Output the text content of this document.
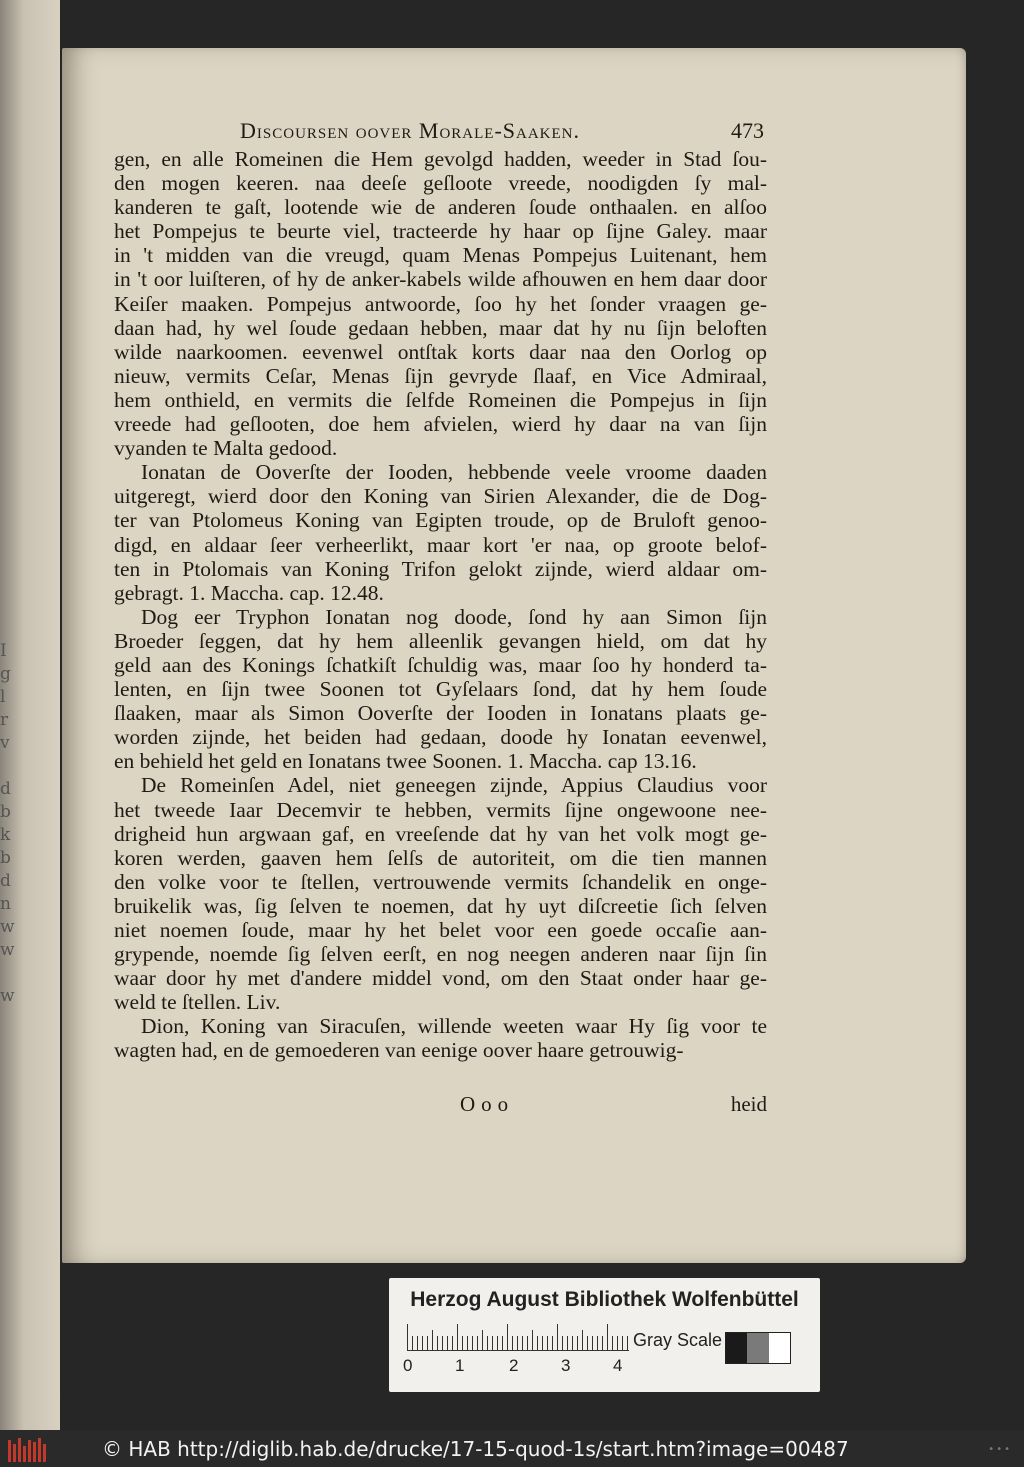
I
g
l
r
v
d
b
k
b
d
n
w
w
w
Discoursen oover Morale-Saaken.	473
gen, en alle Romeinen die Hem gevolgd hadden, weeder in Stad ſou-
den mogen keeren. naa deeſe geſloote vreede, noodigden ſy mal-
kanderen te gaſt, lootende wie de anderen ſoude onthaalen. en alſoo
het Pompejus te beurte viel, tracteerde hy haar op ſijne Galey. maar
in 't midden van die vreugd, quam Menas Pompejus Luitenant, hem
in 't oor luiſteren, of hy de anker-kabels wilde afhouwen en hem daar door
Keiſer maaken. Pompejus antwoorde, ſoo hy het ſonder vraagen ge-
daan had, hy wel ſoude gedaan hebben, maar dat hy nu ſijn beloften
wilde naarkoomen. eevenwel ontſtak korts daar naa den Oorlog op
nieuw, vermits Ceſar, Menas ſijn gevryde ſlaaf, en Vice Admiraal,
hem onthield, en vermits die ſelfde Romeinen die Pompejus in ſijn
vreede had geſlooten, doe hem afvielen, wierd hy daar na van ſijn
vyanden te Malta gedood.
Ionatan de Ooverſte der Iooden, hebbende veele vroome daaden
uitgeregt, wierd door den Koning van Sirien Alexander, die de Dog-
ter van Ptolomeus Koning van Egipten troude, op de Bruloft genoo-
digd, en aldaar ſeer verheerlikt, maar kort 'er naa, op groote belof-
ten in Ptolomais van Koning Trifon gelokt zijnde, wierd aldaar om-
gebragt. 1. Maccha. cap. 12.48.
Dog eer Tryphon Ionatan nog doode, ſond hy aan Simon ſijn
Broeder ſeggen, dat hy hem alleenlik gevangen hield, om dat hy
geld aan des Konings ſchatkiſt ſchuldig was, maar ſoo hy honderd ta-
lenten, en ſijn twee Soonen tot Gyſelaars ſond, dat hy hem ſoude
ſlaaken, maar als Simon Ooverſte der Iooden in Ionatans plaats ge-
worden zijnde, het beiden had gedaan, doode hy Ionatan eevenwel,
en behield het geld en Ionatans twee Soonen. 1. Maccha. cap 13.16.
De Romeinſen Adel, niet geneegen zijnde, Appius Claudius voor
het tweede Iaar Decemvir te hebben, vermits ſijne ongewoone nee-
drigheid hun argwaan gaf, en vreeſende dat hy van het volk mogt ge-
koren werden, gaaven hem ſelſs de autoriteit, om die tien mannen
den volke voor te ſtellen, vertrouwende vermits ſchandelik en onge-
bruikelik was, ſig ſelven te noemen, dat hy uyt diſcreetie ſich ſelven
niet noemen ſoude, maar hy het belet voor een goede occaſie aan-
grypende, noemde ſig ſelven eerſt, en nog neegen anderen naar ſijn ſin
waar door hy met d'andere middel vond, om den Staat onder haar ge-
weld te ſtellen. Liv.
Dion, Koning van Siracuſen, willende weeten waar Hy ſig voor te
wagten had, en de gemoederen van eenige oover haare getrouwig-
Ooo	heid
Herzog August Bibliothek Wolfenbüttel
0	1	2	3	4
Gray Scale
© HAB http://diglib.hab.de/drucke/17-15-quod-1s/start.htm?image=00487	•••
